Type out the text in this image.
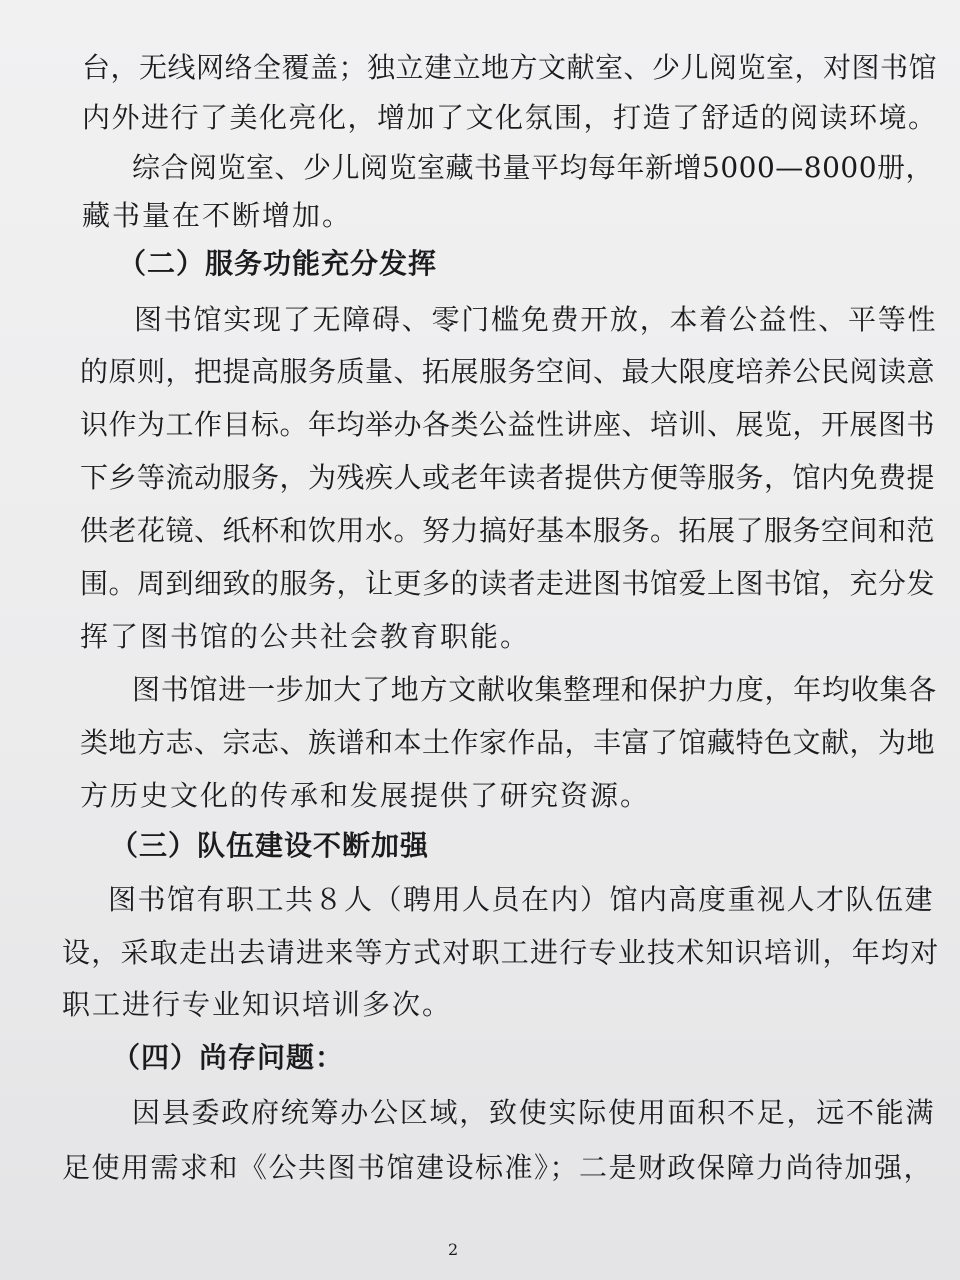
台，无线网络全覆盖；独立建立地方文献室、少儿阅览室，对图书馆

内外进行了美化亮化，增加了文化氛围，打造了舒适的阅读环境。

综合阅览室、少儿阅览室藏书量平均每年新增5000—8000册，

藏书量在不断增加。

（二）服务功能充分发挥

图书馆实现了无障碍、零门槛免费开放，本着公益性、平等性

的原则，把提高服务质量、拓展服务空间、最大限度培养公民阅读意

识作为工作目标。年均举办各类公益性讲座、培训、展览，开展图书

下乡等流动服务，为残疾人或老年读者提供方便等服务，馆内免费提

供老花镜、纸杯和饮用水。努力搞好基本服务。拓展了服务空间和范

围。周到细致的服务，让更多的读者走进图书馆爱上图书馆，充分发

挥了图书馆的公共社会教育职能。

图书馆进一步加大了地方文献收集整理和保护力度，年均收集各

类地方志、宗志、族谱和本土作家作品，丰富了馆藏特色文献，为地

方历史文化的传承和发展提供了研究资源。

（三）队伍建设不断加强

图书馆有职工共８人（聘用人员在内）馆内高度重视人才队伍建

设，采取走出去请进来等方式对职工进行专业技术知识培训，年均对

职工进行专业知识培训多次。

（四）尚存问题：

因县委政府统筹办公区域，致使实际使用面积不足，远不能满

足使用需求和《公共图书馆建设标准》；二是财政保障力尚待加强，

2
